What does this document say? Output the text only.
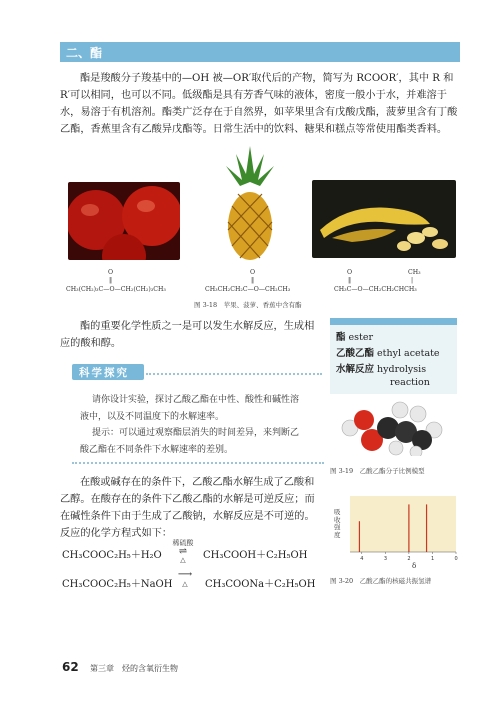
二、酯
酯是羧酸分子羧基中的—OH 被—OR′取代后的产物，简写为 RCOOR′，其中 R 和
R′可以相同，也可以不同。低级酯是具有芳香气味的液体，密度一般小于水，并难溶于
水，易溶于有机溶剂。酯类广泛存在于自然界，如苹果里含有戊酸戊酯，菠萝里含有丁酸
乙酯，香蕉里含有乙酸异戊酯等。日常生活中的饮料、糖果和糕点等常使用酯类香料。
O
‖
CH₃(CH₂)₃C—O—CH₂(CH₂)₃CH₃
O
‖
CH₃CH₂CH₂C—O—CH₂CH₃
O
‖
CH₃
|
CH₃C—O—CH₂CH₂CHCH₃
图 3-18　苹果、菠萝、香蕉中含有酯
酯的重要化学性质之一是可以发生水解反应，生成相
应的酸和醇。
酯 ester
乙酸乙酯 ethyl acetate
水解反应 hydrolysis
reaction
科学探究
请你设计实验，探讨乙酸乙酯在中性、酸性和碱性溶
液中，以及不同温度下的水解速率。
提示：可以通过观察酯层消失的时间差异，来判断乙
酸乙酯在不同条件下水解速率的差别。
图 3-19　乙酸乙酯分子比例模型
在酸或碱存在的条件下，乙酸乙酯水解生成了乙酸和
乙醇。在酸存在的条件下乙酸乙酯的水解是可逆反应；而
在碱性条件下由于生成了乙酸钠，水解反应是不可逆的。
反应的化学方程式如下：
CH₃COOC₂H₅＋H₂O
稀硫酸
⇌
△	CH₃COOH＋C₂H₅OH
CH₃COOC₂H₅＋NaOH
⟶
△	CH₃COONa＋C₂H₅OH
4	3	2	1	0
δ
吸收强度
图 3-20　乙酸乙酯的核磁共振氢谱
62 第三章　烃的含氧衍生物
